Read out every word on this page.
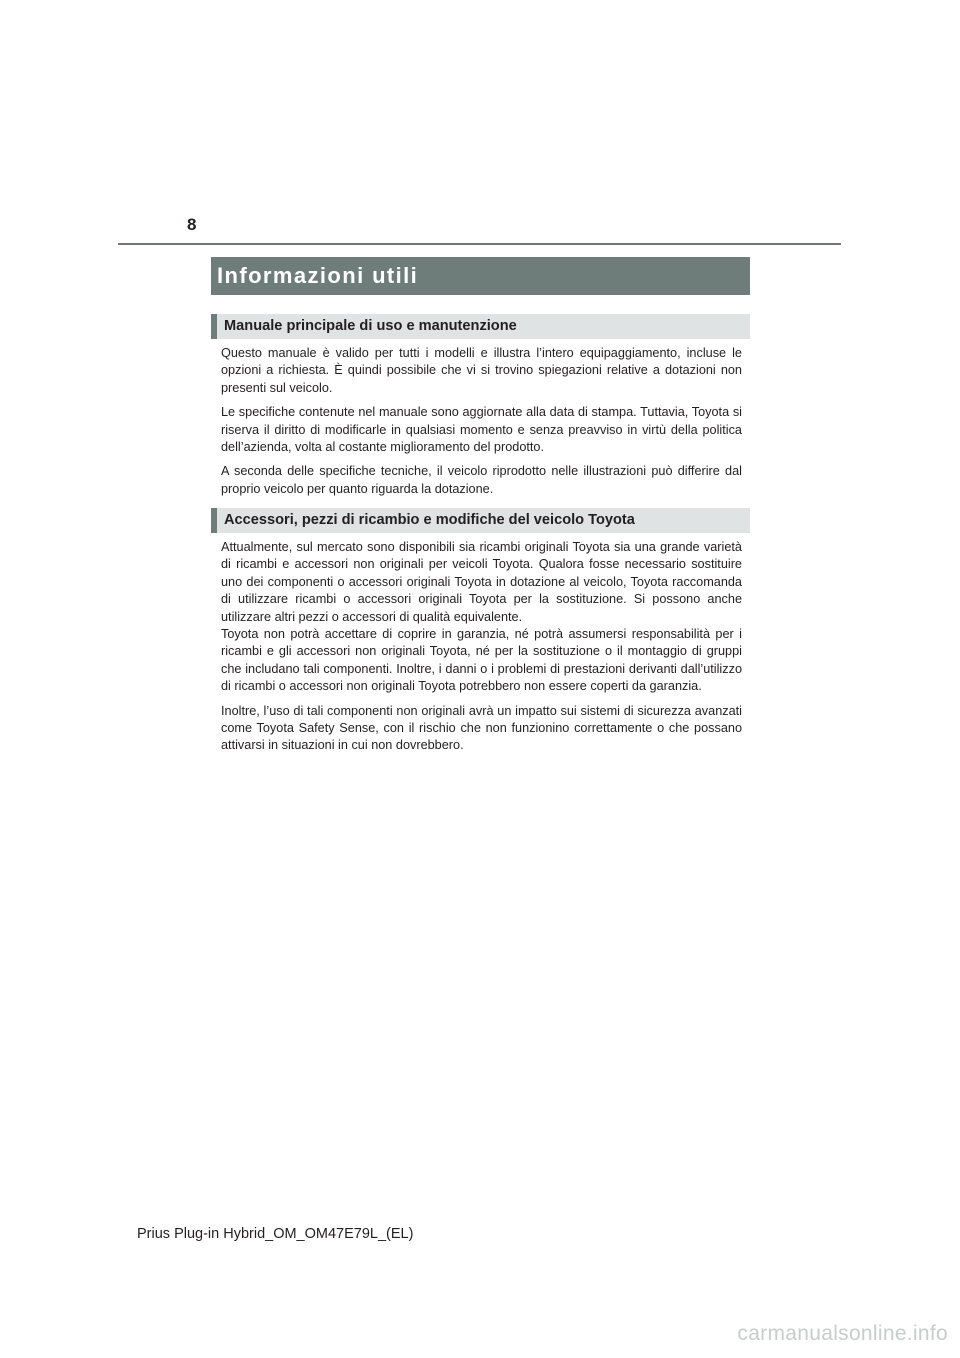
8
Informazioni utili
Manuale principale di uso e manutenzione

Questo manuale è valido per tutti i modelli e illustra l’intero equipaggiamento, incluse le opzioni a richiesta. È quindi possibile che vi si trovino spiegazioni relative a dotazioni non presenti sul veicolo.

Le specifiche contenute nel manuale sono aggiornate alla data di stampa. Tuttavia, Toyota si riserva il diritto di modificarle in qualsiasi momento e senza preavviso in virtù della politica dell’azienda, volta al costante miglioramento del prodotto.

A seconda delle specifiche tecniche, il veicolo riprodotto nelle illustrazioni può differire dal proprio veicolo per quanto riguarda la dotazione.

Accessori, pezzi di ricambio e modifiche del veicolo Toyota

Attualmente, sul mercato sono disponibili sia ricambi originali Toyota sia una grande varietà di ricambi e accessori non originali per veicoli Toyota. Qualora fosse necessario sostituire uno dei componenti o accessori originali Toyota in dotazione al veicolo, Toyota raccomanda di utilizzare ricambi o accessori originali Toyota per la sostituzione. Si possono anche utilizzare altri pezzi o accessori di qualità equivalente.

Toyota non potrà accettare di coprire in garanzia, né potrà assumersi responsabilità per i ricambi e gli accessori non originali Toyota, né per la sostituzione o il montaggio di gruppi che includano tali componenti. Inoltre, i danni o i problemi di prestazioni derivanti dall’utilizzo di ricambi o accessori non originali Toyota potrebbero non essere coperti da garanzia.

Inoltre, l’uso di tali componenti non originali avrà un impatto sui sistemi di sicurezza avanzati come Toyota Safety Sense, con il rischio che non funzionino correttamente o che possano attivarsi in situazioni in cui non dovrebbero.

Prius Plug-in Hybrid_OM_OM47E79L_(EL)
carmanualsonline.info
